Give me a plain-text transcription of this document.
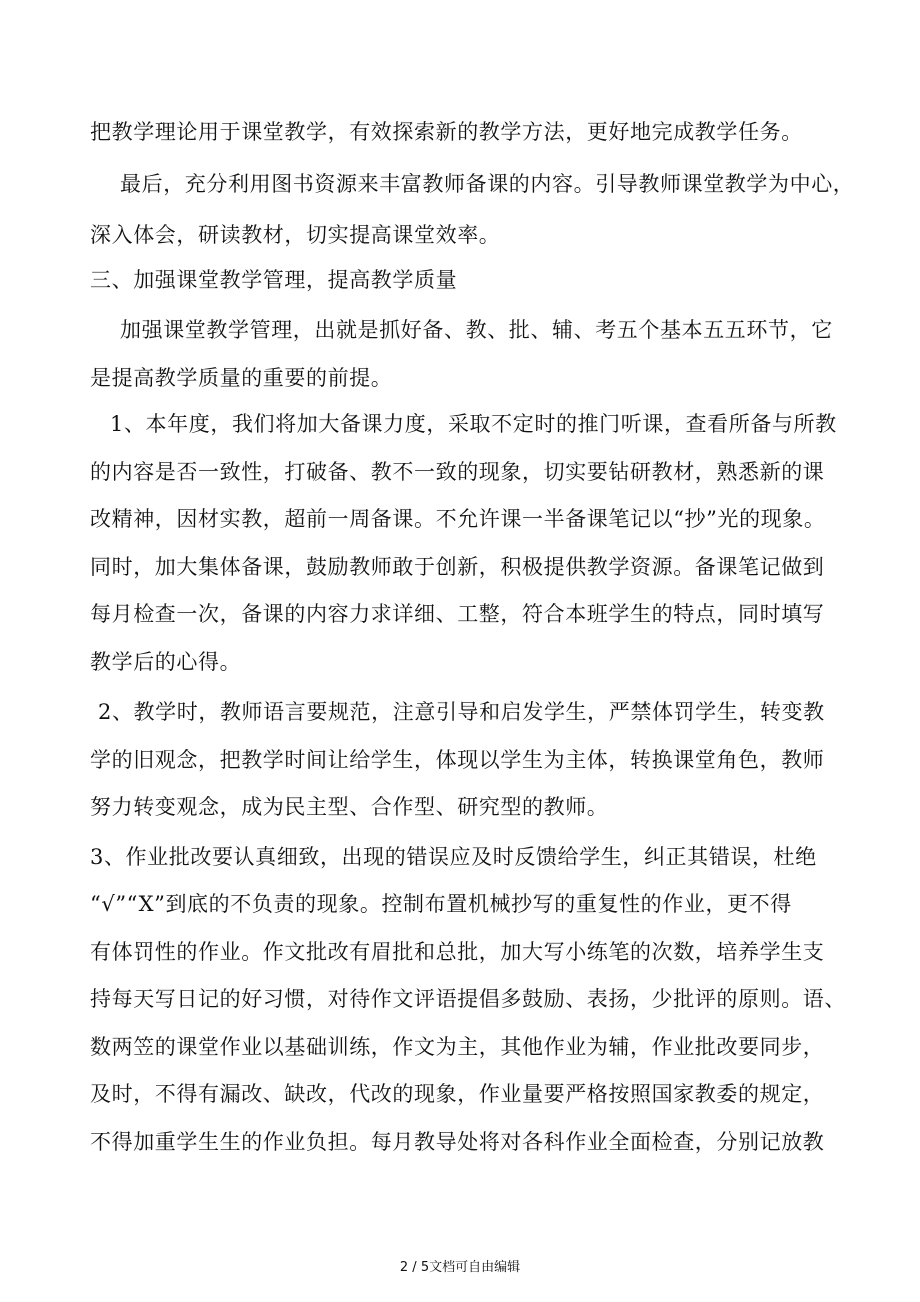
把教学理论用于课堂教学，有效探索新的教学方法，更好地完成教学任务。
最后，充分利用图书资源来丰富教师备课的内容。引导教师课堂教学为中心，
深入体会，研读教材，切实提高课堂效率。
三、加强课堂教学管理，提高教学质量
加强课堂教学管理，出就是抓好备、教、批、辅、考五个基本五五环节，它
是提高教学质量的重要的前提。
1、本年度，我们将加大备课力度，采取不定时的推门听课，查看所备与所教
的内容是否一致性，打破备、教不一致的现象，切实要钻研教材，熟悉新的课
改精神，因材实教，超前一周备课。不允许课一半备课笔记以“抄”光的现象。
同时，加大集体备课，鼓励教师敢于创新，积极提供教学资源。备课笔记做到
每月检查一次，备课的内容力求详细、工整，符合本班学生的特点，同时填写
教学后的心得。
2、教学时，教师语言要规范，注意引导和启发学生，严禁体罚学生，转变教
学的旧观念，把教学时间让给学生，体现以学生为主体，转换课堂角色，教师
努力转变观念，成为民主型、合作型、研究型的教师。
3、作业批改要认真细致，出现的错误应及时反馈给学生，纠正其错误，杜绝
“√”“X”到底的不负责的现象。控制布置机械抄写的重复性的作业，更不得
有体罚性的作业。作文批改有眉批和总批，加大写小练笔的次数，培养学生支
持每天写日记的好习惯，对待作文评语提倡多鼓励、表扬，少批评的原则。语、
数两笠的课堂作业以基础训练，作文为主，其他作业为辅，作业批改要同步，
及时，不得有漏改、缺改，代改的现象，作业量要严格按照国家教委的规定，
不得加重学生生的作业负担。每月教导处将对各科作业全面检查，分别记放教
2 / 5文档可自由编辑
